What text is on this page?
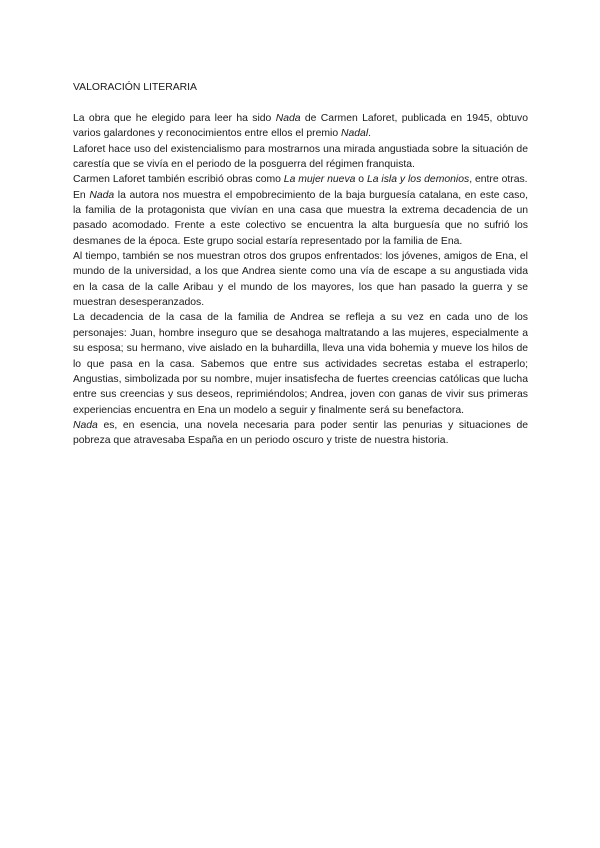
VALORACIÓN LITERARIA

La obra que he elegido para leer ha sido Nada de Carmen Laforet, publicada en 1945, obtuvo varios galardones y reconocimientos entre ellos el premio Nadal.

Laforet hace uso del existencialismo para mostrarnos una mirada angustiada sobre la situación de carestía que se vivía en el periodo de la posguerra del régimen franquista.

Carmen Laforet también escribió obras como La mujer nueva o La isla y los demonios, entre otras.

En Nada la autora nos muestra el empobrecimiento de la baja burguesía catalana, en este caso, la familia de la protagonista que vivían en una casa que muestra la extrema decadencia de un pasado acomodado. Frente a este colectivo se encuentra la alta burguesía que no sufrió los desmanes de la época. Este grupo social estaría representado por la familia de Ena.

Al tiempo, también se nos muestran otros dos grupos enfrentados: los jóvenes, amigos de Ena, el mundo de la universidad, a los que Andrea siente como una vía de escape a su angustiada vida en la casa de la calle Aribau y el mundo de los mayores, los que han pasado la guerra y se muestran desesperanzados.

La decadencia de la casa de la familia de Andrea se refleja a su vez en cada uno de los personajes: Juan, hombre inseguro que se desahoga maltratando a las mujeres, especialmente a su esposa; su hermano, vive aislado en la buhardilla, lleva una vida bohemia y mueve los hilos de lo que pasa en la casa. Sabemos que entre sus actividades secretas estaba el estraperlo; Angustias, simbolizada por su nombre, mujer insatisfecha de fuertes creencias católicas que lucha entre sus creencias y sus deseos, reprimiéndolos; Andrea, joven con ganas de vivir sus primeras experiencias encuentra en Ena un modelo a seguir y finalmente será su benefactora.

Nada es, en esencia, una novela necesaria para poder sentir las penurias y situaciones de pobreza que atravesaba España en un periodo oscuro y triste de nuestra historia.
